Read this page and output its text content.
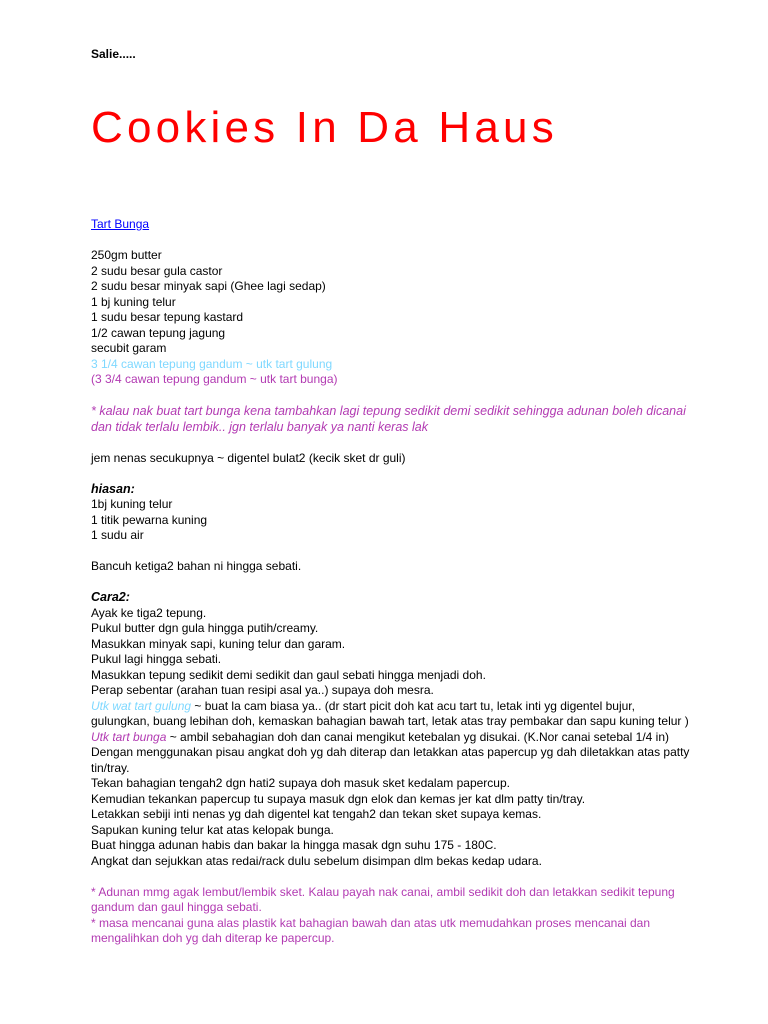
Salie.....
Cookies In Da Haus
Tart Bunga
250gm butter
2 sudu besar gula castor
2 sudu besar minyak sapi (Ghee lagi sedap)
1 bj kuning telur
1 sudu besar tepung kastard
1/2 cawan tepung jagung
secubit garam
3 1/4 cawan tepung gandum ~ utk tart gulung
(3 3/4 cawan tepung gandum ~ utk tart bunga)
* kalau nak buat tart bunga kena tambahkan lagi tepung sedikit demi sedikit sehingga adunan boleh dicanai dan tidak terlalu lembik.. jgn terlalu banyak ya nanti keras lak
jem nenas secukupnya ~ digentel bulat2 (kecik sket dr guli)
hiasan:
1bj kuning telur
1 titik pewarna kuning
1 sudu air
Bancuh ketiga2 bahan ni hingga sebati.
Cara2:
Ayak ke tiga2 tepung.
Pukul butter dgn gula hingga putih/creamy.
Masukkan minyak sapi, kuning telur dan garam.
Pukul lagi hingga sebati.
Masukkan tepung sedikit demi sedikit dan gaul sebati hingga menjadi doh.
Perap sebentar (arahan tuan resipi asal ya..) supaya doh mesra.
Utk wat tart gulung ~ buat la cam biasa ya.. (dr start picit doh kat acu tart tu, letak inti yg digentel bujur, gulungkan, buang lebihan doh, kemaskan bahagian bawah tart, letak atas tray pembakar dan sapu kuning telur )
Utk tart bunga ~ ambil sebahagian doh dan canai mengikut ketebalan yg disukai. (K.Nor canai setebal 1/4 in)
Dengan menggunakan pisau angkat doh yg dah diterap dan letakkan atas papercup yg dah diletakkan atas patty tin/tray.
Tekan bahagian tengah2 dgn hati2 supaya doh masuk sket kedalam papercup.
Kemudian tekankan papercup tu supaya masuk dgn elok dan kemas jer kat dlm patty tin/tray.
Letakkan sebiji inti nenas yg dah digentel kat tengah2 dan tekan sket supaya kemas.
Sapukan kuning telur kat atas kelopak bunga.
Buat hingga adunan habis dan bakar la hingga masak dgn suhu 175 - 180C.
Angkat dan sejukkan atas redai/rack dulu sebelum disimpan dlm bekas kedap udara.
* Adunan mmg agak lembut/lembik sket. Kalau payah nak canai, ambil sedikit doh dan letakkan sedikit tepung gandum dan gaul hingga sebati.
* masa mencanai guna alas plastik kat bahagian bawah dan atas utk memudahkan proses mencanai dan mengalihkan doh yg dah diterap ke papercup.
